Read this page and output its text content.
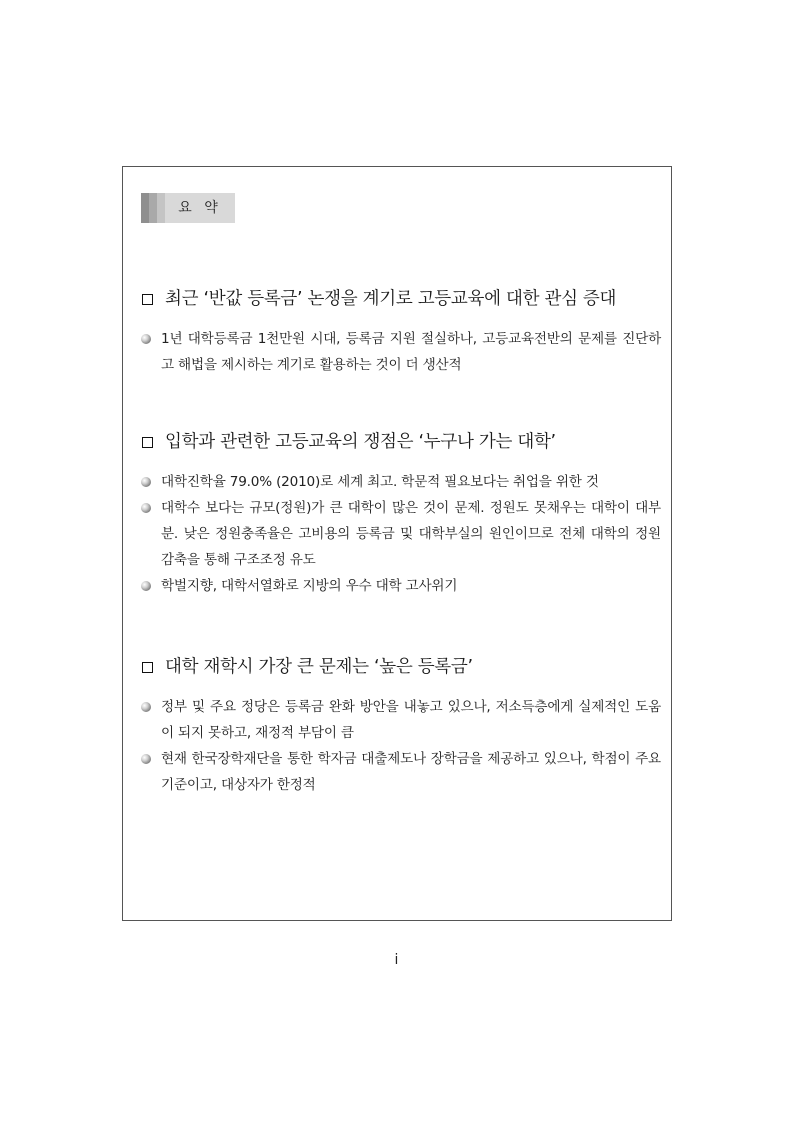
요 약
최근 ‘반값 등록금’ 논쟁을 계기로 고등교육에 대한 관심 증대
1년 대학등록금 1천만원 시대, 등록금 지원 절실하나, 고등교육전반의 문제를 진단하고 해법을 제시하는 계기로 활용하는 것이 더 생산적
입학과 관련한 고등교육의 쟁점은 ‘누구나 가는 대학’
대학진학율 79.0% (2010)로 세계 최고. 학문적 필요보다는 취업을 위한 것
대학수 보다는 규모(정원)가 큰 대학이 많은 것이 문제. 정원도 못채우는 대학이 대부분. 낮은 정원충족율은 고비용의 등록금 및 대학부실의 원인이므로 전체 대학의 정원 감축을 통해 구조조정 유도
학벌지향, 대학서열화로 지방의 우수 대학 고사위기
대학 재학시 가장 큰 문제는 ‘높은 등록금’
정부 및 주요 정당은 등록금 완화 방안을 내놓고 있으나, 저소득층에게 실제적인 도움이 되지 못하고, 재정적 부담이 큼
현재 한국장학재단을 통한 학자금 대출제도나 장학금을 제공하고 있으나, 학점이 주요 기준이고, 대상자가 한정적
i
